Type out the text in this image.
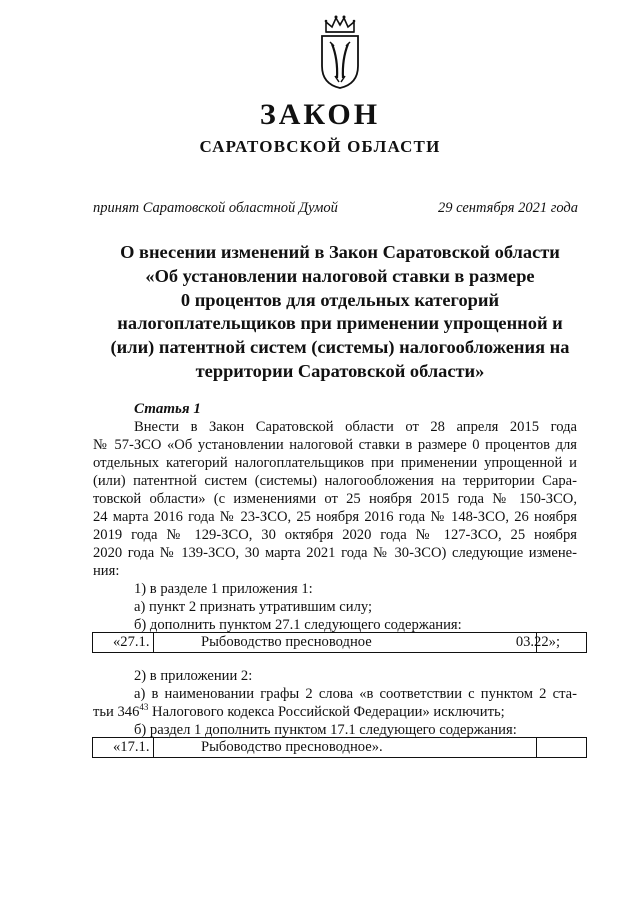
ЗАКОН
САРАТОВСКОЙ ОБЛАСТИ
принят Саратовской областной Думой	29 сентября 2021 года
О внесении изменений в Закон Саратовской области
«Об установлении налоговой ставки в размере
0 процентов для отдельных категорий
налогоплательщиков при применении упрощенной и
(или) патентной систем (системы) налогообложения на
территории Саратовской области»
Статья 1
Внести в Закон Саратовской области от 28 апреля 2015 года
№ 57-ЗСО «Об установлении налоговой ставки в размере 0 процентов для
отдельных категорий налогоплательщиков при применении упрощенной и
(или) патентной систем (системы) налогообложения на территории Сара-
товской области» (с изменениями от 25 ноября 2015 года № 150-ЗСО,
24 марта 2016 года № 23-ЗСО, 25 ноября 2016 года № 148-ЗСО, 26 ноября
2019 года № 129-ЗСО, 30 октября 2020 года № 127-ЗСО, 25 ноября
2020 года № 139-ЗСО, 30 марта 2021 года № 30-ЗСО) следующие измене-
ния:
1) в разделе 1 приложения 1:
а) пункт 2 признать утратившим силу;
б) дополнить пунктом 27.1 следующего содержания:
«27.1.	Рыбоводство пресноводное	03.22»;
2) в приложении 2:
а) в наименовании графы 2 слова «в соответствии с пунктом 2 ста-
тьи $346^{43}$ Налогового кодекса Российской Федерации» исключить;
б) раздел 1 дополнить пунктом 17.1 следующего содержания:
«17.1.	Рыбоводство пресноводное».
